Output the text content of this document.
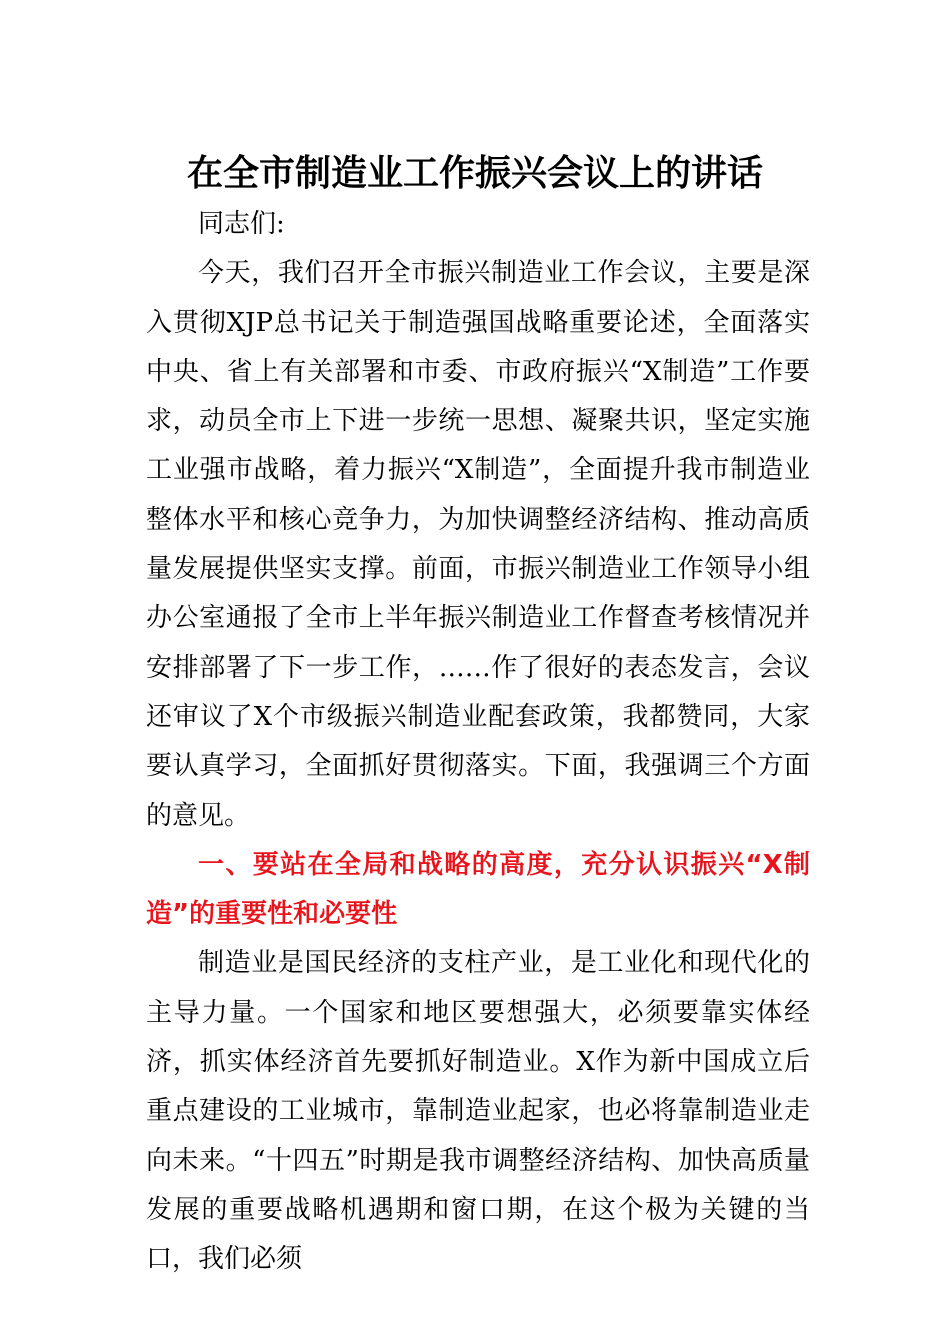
在全市制造业工作振兴会议上的讲话

同志们:

今天，我们召开全市振兴制造业工作会议，主要是深入贯彻XJP总书记关于制造强国战略重要论述，全面落实中央、省上有关部署和市委、市政府振兴“X制造”工作要求，动员全市上下进一步统一思想、凝聚共识，坚定实施工业强市战略，着力振兴“X制造”，全面提升我市制造业整体水平和核心竞争力，为加快调整经济结构、推动高质量发展提供坚实支撑。前面，市振兴制造业工作领导小组办公室通报了全市上半年振兴制造业工作督查考核情况并安排部署了下一步工作，……作了很好的表态发言，会议还审议了X个市级振兴制造业配套政策，我都赞同，大家要认真学习，全面抓好贯彻落实。下面，我强调三个方面的意见。

一、要站在全局和战略的高度，充分认识振兴“X制造”的重要性和必要性

制造业是国民经济的支柱产业，是工业化和现代化的主导力量。一个国家和地区要想强大，必须要靠实体经济，抓实体经济首先要抓好制造业。X作为新中国成立后重点建设的工业城市，靠制造业起家，也必将靠制造业走向未来。“十四五”时期是我市调整经济结构、加快高质量发展的重要战略机遇期和窗口期，在这个极为关键的当口，我们必须
